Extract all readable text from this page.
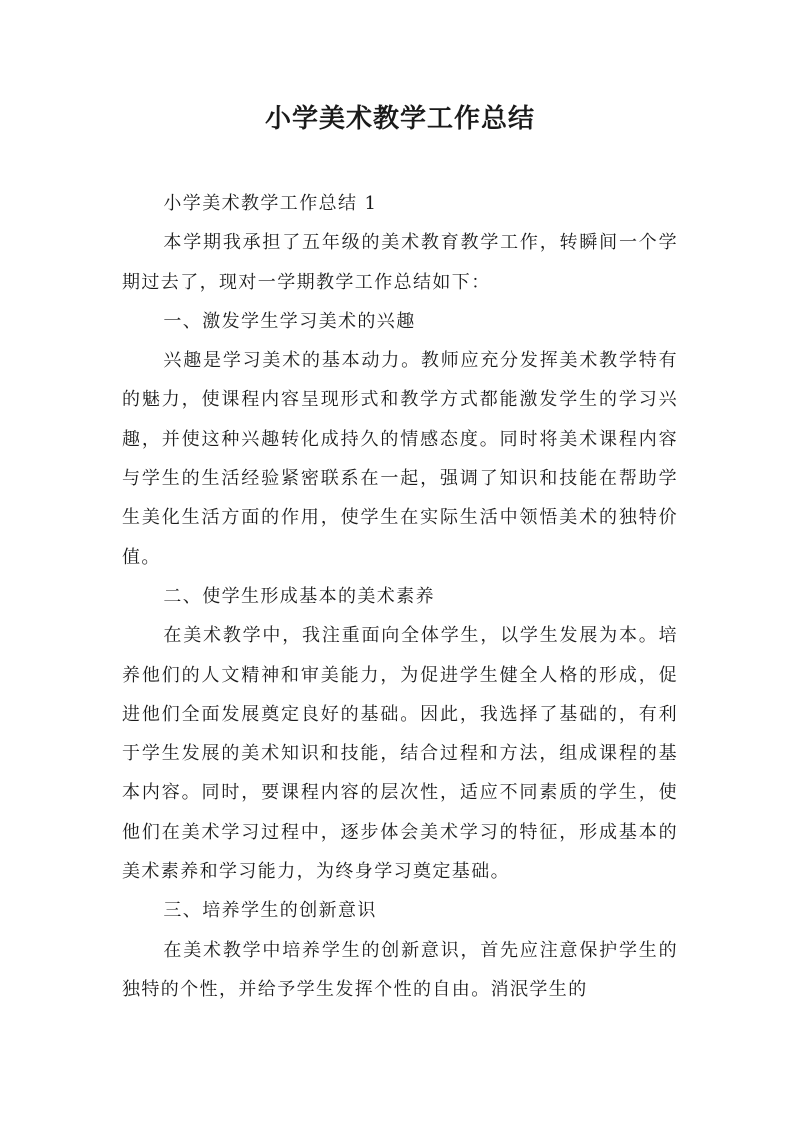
小学美术教学工作总结

小学美术教学工作总结 1

本学期我承担了五年级的美术教育教学工作，转瞬间一个学期过去了，现对一学期教学工作总结如下：

一、激发学生学习美术的兴趣

兴趣是学习美术的基本动力。教师应充分发挥美术教学特有的魅力，使课程内容呈现形式和教学方式都能激发学生的学习兴趣，并使这种兴趣转化成持久的情感态度。同时将美术课程内容与学生的生活经验紧密联系在一起，强调了知识和技能在帮助学生美化生活方面的作用，使学生在实际生活中领悟美术的独特价值。

二、使学生形成基本的美术素养

在美术教学中，我注重面向全体学生，以学生发展为本。培养他们的人文精神和审美能力，为促进学生健全人格的形成，促进他们全面发展奠定良好的基础。因此，我选择了基础的，有利于学生发展的美术知识和技能，结合过程和方法，组成课程的基本内容。同时，要课程内容的层次性，适应不同素质的学生，使他们在美术学习过程中，逐步体会美术学习的特征，形成基本的美术素养和学习能力，为终身学习奠定基础。

三、培养学生的创新意识

在美术教学中培养学生的创新意识，首先应注意保护学生的独特的个性，并给予学生发挥个性的自由。消泯学生的
